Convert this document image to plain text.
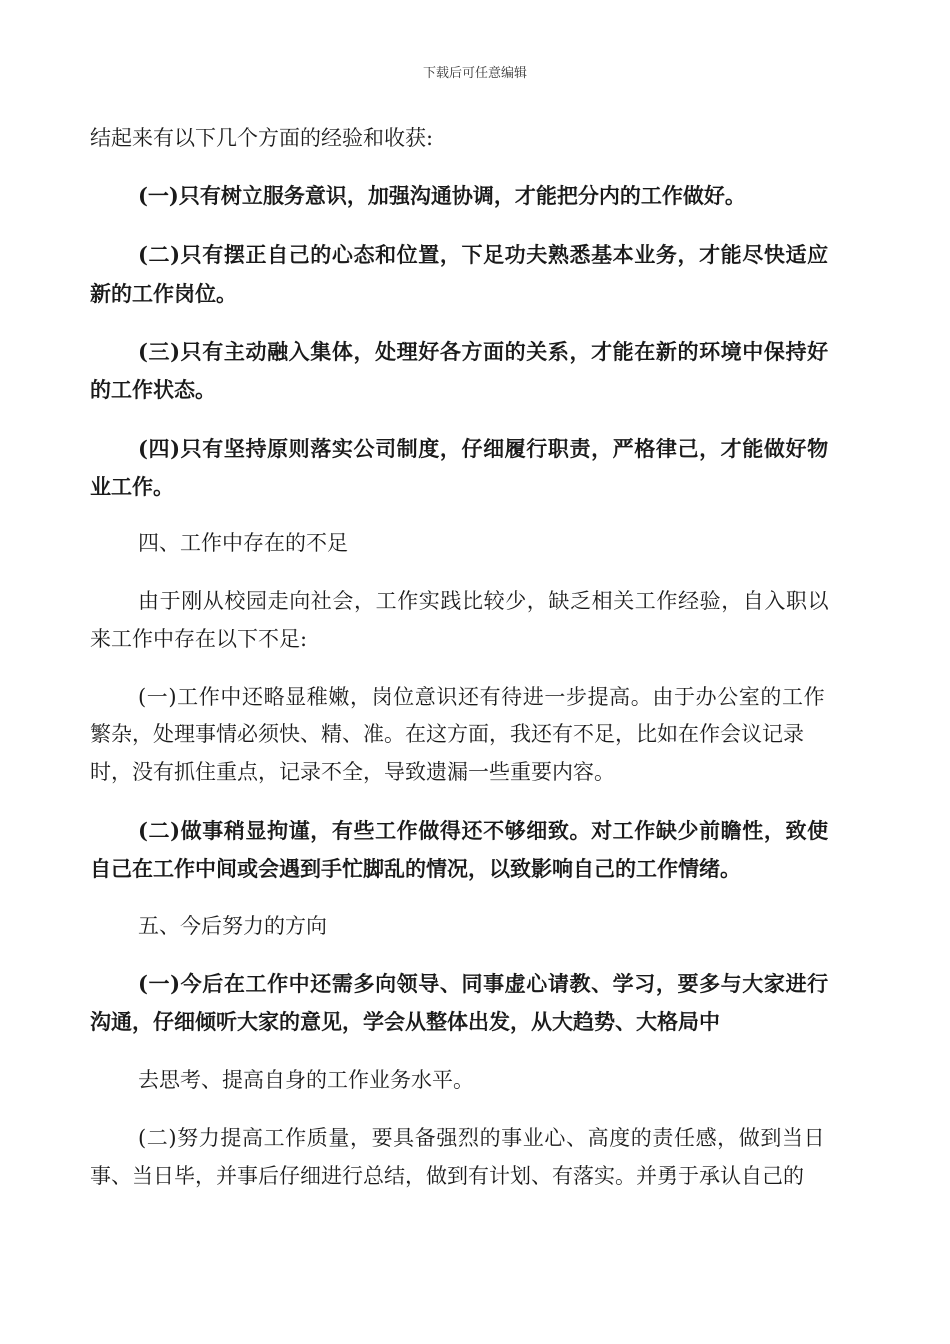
下载后可任意编辑
结起来有以下几个方面的经验和收获:
(一)只有树立服务意识，加强沟通协调，才能把分内的工作做好。
(二)只有摆正自己的心态和位置，下足功夫熟悉基本业务，才能尽快适应
新的工作岗位。
(三)只有主动融入集体，处理好各方面的关系，才能在新的环境中保持好
的工作状态。
(四)只有坚持原则落实公司制度，仔细履行职责，严格律己，才能做好物
业工作。
四、工作中存在的不足
由于刚从校园走向社会，工作实践比较少，缺乏相关工作经验，自入职以
来工作中存在以下不足:
(一)工作中还略显稚嫩，岗位意识还有待进一步提高。由于办公室的工作
繁杂，处理事情必须快、精、准。在这方面，我还有不足，比如在作会议记录
时，没有抓住重点，记录不全，导致遗漏一些重要内容。
(二)做事稍显拘谨，有些工作做得还不够细致。对工作缺少前瞻性，致使
自己在工作中间或会遇到手忙脚乱的情况，以致影响自己的工作情绪。
五、今后努力的方向
(一)今后在工作中还需多向领导、同事虚心请教、学习，要多与大家进行
沟通，仔细倾听大家的意见，学会从整体出发，从大趋势、大格局中
去思考、提高自身的工作业务水平。
(二)努力提高工作质量，要具备强烈的事业心、高度的责任感，做到当日
事、当日毕，并事后仔细进行总结，做到有计划、有落实。并勇于承认自己的
